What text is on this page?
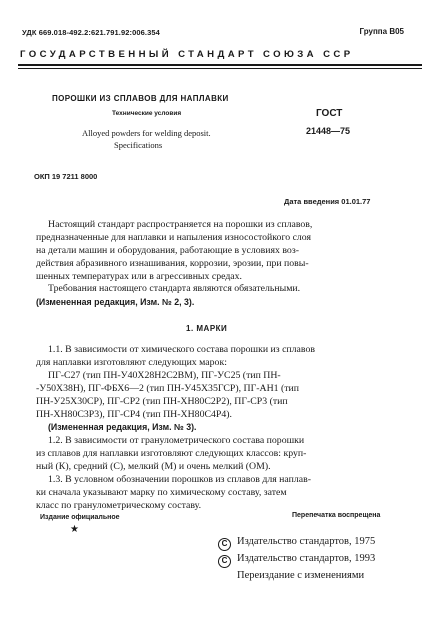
УДК 669.018-492.2:621.791.92:006.354	Группа В05
ГОСУДАРСТВЕННЫЙ СТАНДАРТ СОЮЗА ССР
ПОРОШКИ ИЗ СПЛАВОВ ДЛЯ НАПЛАВКИ
Технические условия
Alloyed powders for welding deposit.
Specifications
ГОСТ
21448—75
ОКП 19 7211 8000
Дата введения 01.01.77
Настоящий стандарт распространяется на порошки из сплавов,
предназначенные для наплавки и напыления износостойкого слоя
на детали машин и оборудования, работающие в условиях воз-
действия абразивного изнашивания, коррозии, эрозии, при повы-
шенных температурах или в агрессивных средах.
Требования настоящего стандарта являются обязательными.
(Измененная редакция, Изм. № 2, 3).
1. МАРКИ
1.1. В зависимости от химического состава порошки из сплавов
для наплавки изготовляют следующих марок:
ПГ-С27 (тип ПН-У40Х28Н2С2ВМ), ПГ-УС25 (тип ПН-
-У50Х38Н), ПГ-ФБХ6—2 (тип ПН-У45Х35ГСР), ПГ-АН1 (тип
ПН-У25Х30СР), ПГ-СР2 (тип ПН-ХН80С2Р2), ПГ-СР3 (тип
ПН-ХН80С3Р3), ПГ-СР4 (тип ПН-ХН80С4Р4).
(Измененная редакция, Изм. № 3).
1.2. В зависимости от гранулометрического состава порошки
из сплавов для наплавки изготовляют следующих классов: круп-
ный (К), средний (С), мелкий (М) и очень мелкий (ОМ).
1.3. В условном обозначении порошков из сплавов для наплав-
ки сначала указывают марку по химическому составу, затем
класс по гранулометрическому составу.
Издание официальное	Перепечатка воспрещена
★
C Издательство стандартов, 1975
C Издательство стандартов, 1993
Переиздание с изменениями
